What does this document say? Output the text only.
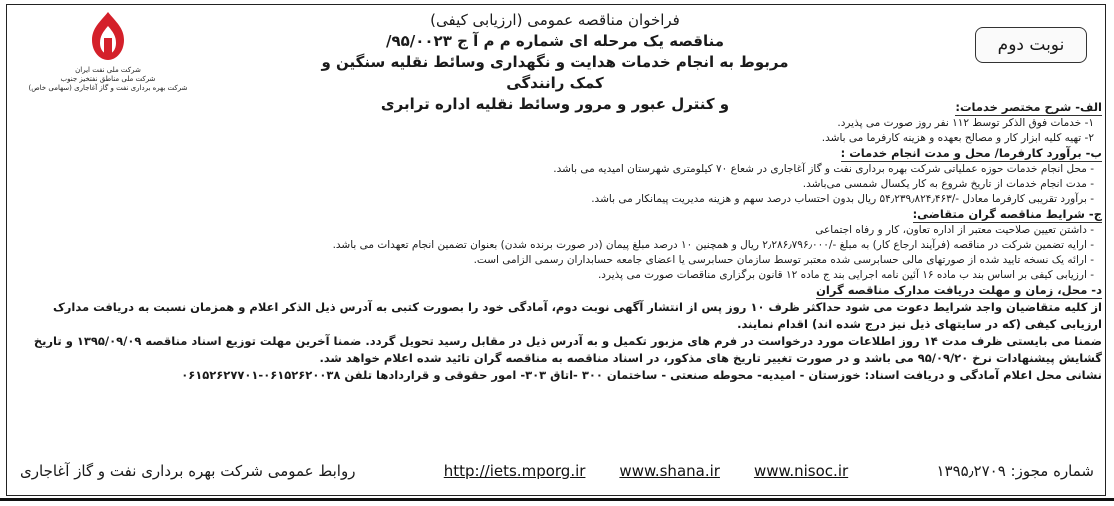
نوبت دوم
شرکت ملی نفت ایران
شرکت ملی مناطق نفتخیز جنوب
شرکت بهره برداری نفت و گاز آغاجاری (سهامی خاص)
فراخوان مناقصه عمومی (ارزیابی کیفی)
مناقصه یک مرحله ای شماره م م آ ج ۹۵/۰۰۲۳/
مربوط به انجام خدمات هدایت و نگهداری وسائط نقلیه سنگین و کمک رانندگی
و کنترل عبور و مرور وسائط نقلیه اداره ترابری	الف- شرح مختصر خدمات:

۱- خدمات فوق الذکر توسط ۱۱۲ نفر روز صورت می پذیرد.

۲- تهیه کلیه ابزار کار و مصالح بعهده و هزینه کارفرما می باشد.

ب- برآورد کارفرما/ محل و مدت انجام خدمات :

- محل انجام خدمات حوزه عملیاتی شرکت بهره برداری نفت و گاز آغاجاری در شعاع ۷۰ کیلومتری شهرستان امیدیه می باشد.

- مدت انجام خدمات از تاریخ شروع به کار یکسال شمسی می‌باشد.

- برآورد تقریبی کارفرما معادل -/۵۴٫۲۳۹٫۸۲۴٫۴۶۳ ریال بدون احتساب درصد سهم و هزینه مدیریت پیمانکار می باشد.

ج- شرایط مناقصه گران متقاضی:

- داشتن تعیین صلاحیت معتبر از اداره تعاون، کار و رفاه اجتماعی

- ارایه تضمین شرکت در مناقصه (فرآیند ارجاع کار) به مبلغ -/۲٫۲۸۶٫۷۹۶٫۰۰۰ ریال و همچنین ۱۰ درصد مبلغ پیمان (در صورت برنده شدن) بعنوان تضمین انجام تعهدات می باشد.

- ارائه یک نسخه تایید شده از صورتهای مالی حسابرسی شده معتبر توسط سازمان حسابرسی یا اعضای جامعه حسابداران رسمی الزامی است.

- ارزیابی کیفی بر اساس بند ب ماده ۱۶ آئین نامه اجرایی بند ج ماده ۱۲ قانون برگزاری مناقصات صورت می پذیرد.

د- محل، زمان و مهلت دریافت مدارک مناقصه گران

از کلیه متقاضیان واجد شرایط دعوت می شود حداکثر ظرف ۱۰ روز پس از انتشار آگهی نوبت دوم، آمادگی خود را بصورت کتبی به آدرس ذیل الذکر اعلام و همزمان نسبت به دریافت مدارک ارزیابی کیفی (که در سایتهای ذیل نیز درج شده اند) اقدام نمایند.

ضمنا می بایستی ظرف مدت ۱۴ روز اطلاعات مورد درخواست در فرم های مزبور تکمیل و به آدرس ذیل در مقابل رسید تحویل گردد. ضمنا آخرین مهلت توزیع اسناد مناقصه ۱۳۹۵/۰۹/۰۹ و تاریخ گشایش پیشنهادات نرخ ۹۵/۰۹/۲۰ می باشد و در صورت تغییر تاریخ های مذکور، در اسناد مناقصه به مناقصه گران تائید شده اعلام خواهد شد.

نشانی محل اعلام آمادگی و دریافت اسناد: خوزستان - امیدیه- محوطه صنعتی - ساختمان ۳۰۰ -اتاق ۳۰۳- امور حقوقی و قراردادها تلفن ۰۶۱۵۲۶۲۰۰۳۸-۰۶۱۵۲۶۲۷۷۰۱

شماره مجوز: ۱۳۹۵٫۲۷۰۹
http://iets.mporg.ir www.shana.ir www.nisoc.ir
روابط عمومی شرکت بهره برداری نفت و گاز آغاجاری
